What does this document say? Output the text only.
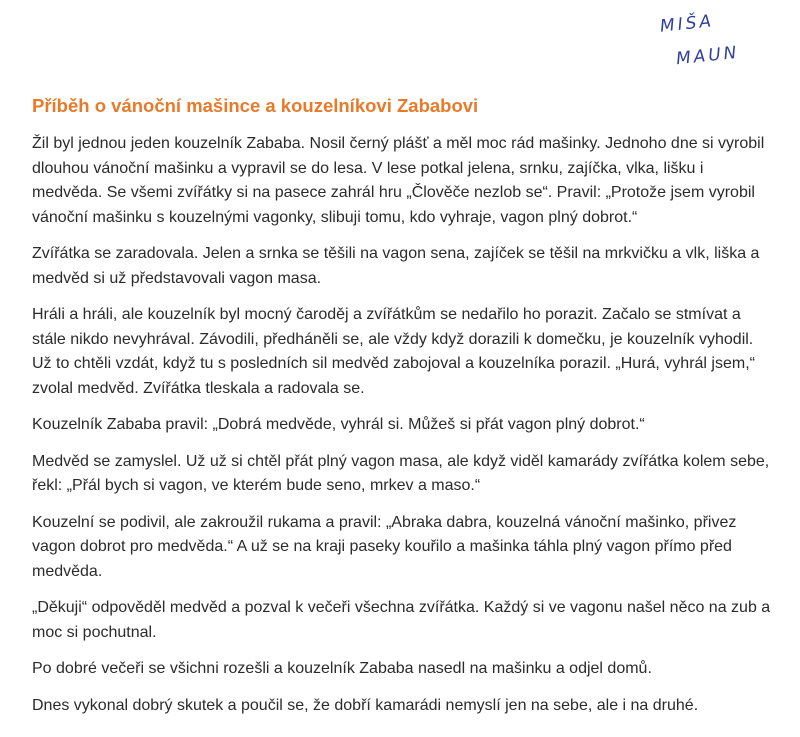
MIŠA
MAUN
Příběh o vánoční mašince a kouzelníkovi Zababovi

Žil byl jednou jeden kouzelník Zababa. Nosil černý plášť a měl moc rád mašinky. Jednoho dne si vyrobil dlouhou vánoční mašinku a vypravil se do lesa. V lese potkal jelena, srnku, zajíčka, vlka, lišku i medvěda. Se všemi zvířátky si na pasece zahrál hru „Člověče nezlob se“. Pravil: „Protože jsem vyrobil vánoční mašinku s kouzelnými vagonky, slibuji tomu, kdo vyhraje, vagon plný dobrot.“

Zvířátka se zaradovala. Jelen a srnka se těšili na vagon sena, zajíček se těšil na mrkvičku a vlk, liška a medvěd si už představovali vagon masa.

Hráli a hráli, ale kouzelník byl mocný čaroděj a zvířátkům se nedařilo ho porazit. Začalo se stmívat a stále nikdo nevyhrával. Závodili, předháněli se, ale vždy když dorazili k domečku, je kouzelník vyhodil. Už to chtěli vzdát, když tu s posledních sil medvěd zabojoval a kouzelníka porazil. „Hurá, vyhrál jsem,“ zvolal medvěd. Zvířátka tleskala a radovala se.

Kouzelník Zababa pravil: „Dobrá medvěde, vyhrál si. Můžeš si přát vagon plný dobrot.“

Medvěd se zamyslel. Už už si chtěl přát plný vagon masa, ale když viděl kamarády zvířátka kolem sebe, řekl: „Přál bych si vagon, ve kterém bude seno, mrkev a maso.“

Kouzelní se podivil, ale zakroužil rukama a pravil: „Abraka dabra, kouzelná vánoční mašinko, přivez vagon dobrot pro medvěda.“ A už se na kraji paseky kouřilo a mašinka táhla plný vagon přímo před medvěda.

„Děkuji“ odpověděl medvěd a pozval k večeři všechna zvířátka. Každý si ve vagonu našel něco na zub a moc si pochutnal.

Po dobré večeři se všichni rozešli a kouzelník Zababa nasedl na mašinku a odjel domů.

Dnes vykonal dobrý skutek a poučil se, že dobří kamarádi nemyslí jen na sebe, ale i na druhé.
